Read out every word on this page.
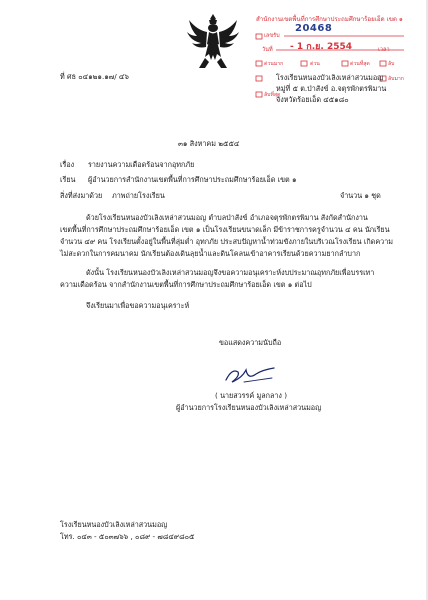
สำนักงานเขตพื้นที่การศึกษาประถมศึกษาร้อยเอ็ด เขต ๑
เลขรับ
20468
วันที่ - 1 ก.ย. 2554	เวลา
ด่วนมาก	ด่วน	ด่วนที่สุด	ลับ
ลับมาก
ลับที่สุด
ที่ ศธ ๐๔๑๒๑.๑๗/ ๔๖	โรงเรียนหนองบัวเลิงเหล่าสวนมอญ
หมู่ที่ ๕ ต.ป่าสังข์ อ.จตุรพักตรพิมาน
จังหวัดร้อยเอ็ด ๔๕๑๘๐
๓๑ สิงหาคม ๒๕๕๔
เรื่อง รายงานความเดือดร้อนจากอุทกภัย
เรียน ผู้อำนวยการสำนักงานเขตพื้นที่การศึกษาประถมศึกษาร้อยเอ็ด เขต ๑
สิ่งที่ส่งมาด้วย ภาพถ่ายโรงเรียน	จำนวน ๑ ชุด
ด้วยโรงเรียนหนองบัวเลิงเหล่าสวนมอญ ตำบลป่าสังข์ อำเภอจตุรพักตรพิมาน สังกัดสำนักงาน
เขตพื้นที่การศึกษาประถมศึกษาร้อยเอ็ด เขต ๑ เป็นโรงเรียนขนาดเล็ก มีข้าราชการครูจำนวน ๔ คน นักเรียน
จำนวน ๔๙ คน โรงเรียนตั้งอยู่ในพื้นที่ลุ่มต่ำ อุทกภัย ประสบปัญหาน้ำท่วมขังภายในบริเวณโรงเรียน เกิดความ
ไม่สะดวกในการคมนาคม นักเรียนต้องเดินลุยน้ำและดินโคลนเข้าอาคารเรียนด้วยความยากลำบาก
ดังนั้น โรงเรียนหนองบัวเลิงเหล่าสวนมอญจึงขอความอนุเคราะห์งบประมาณอุทกภัยเพื่อบรรเทา
ความเดือดร้อน จากสำนักงานเขตพื้นที่การศึกษาประถมศึกษาร้อยเอ็ด เขต ๑ ต่อไป
จึงเรียนมาเพื่อขอความอนุเคราะห์
ขอแสดงความนับถือ
( นายสวรรค์ มูลกลาง )
ผู้อำนวยการโรงเรียนหนองบัวเลิงเหล่าสวนมอญ
โรงเรียนหนองบัวเลิงเหล่าสวนมอญ
โทร. ๐๔๓ - ๕๐๓๗๖๖ , ๐๘๙ - ๗๘๔๙๘๐๕
